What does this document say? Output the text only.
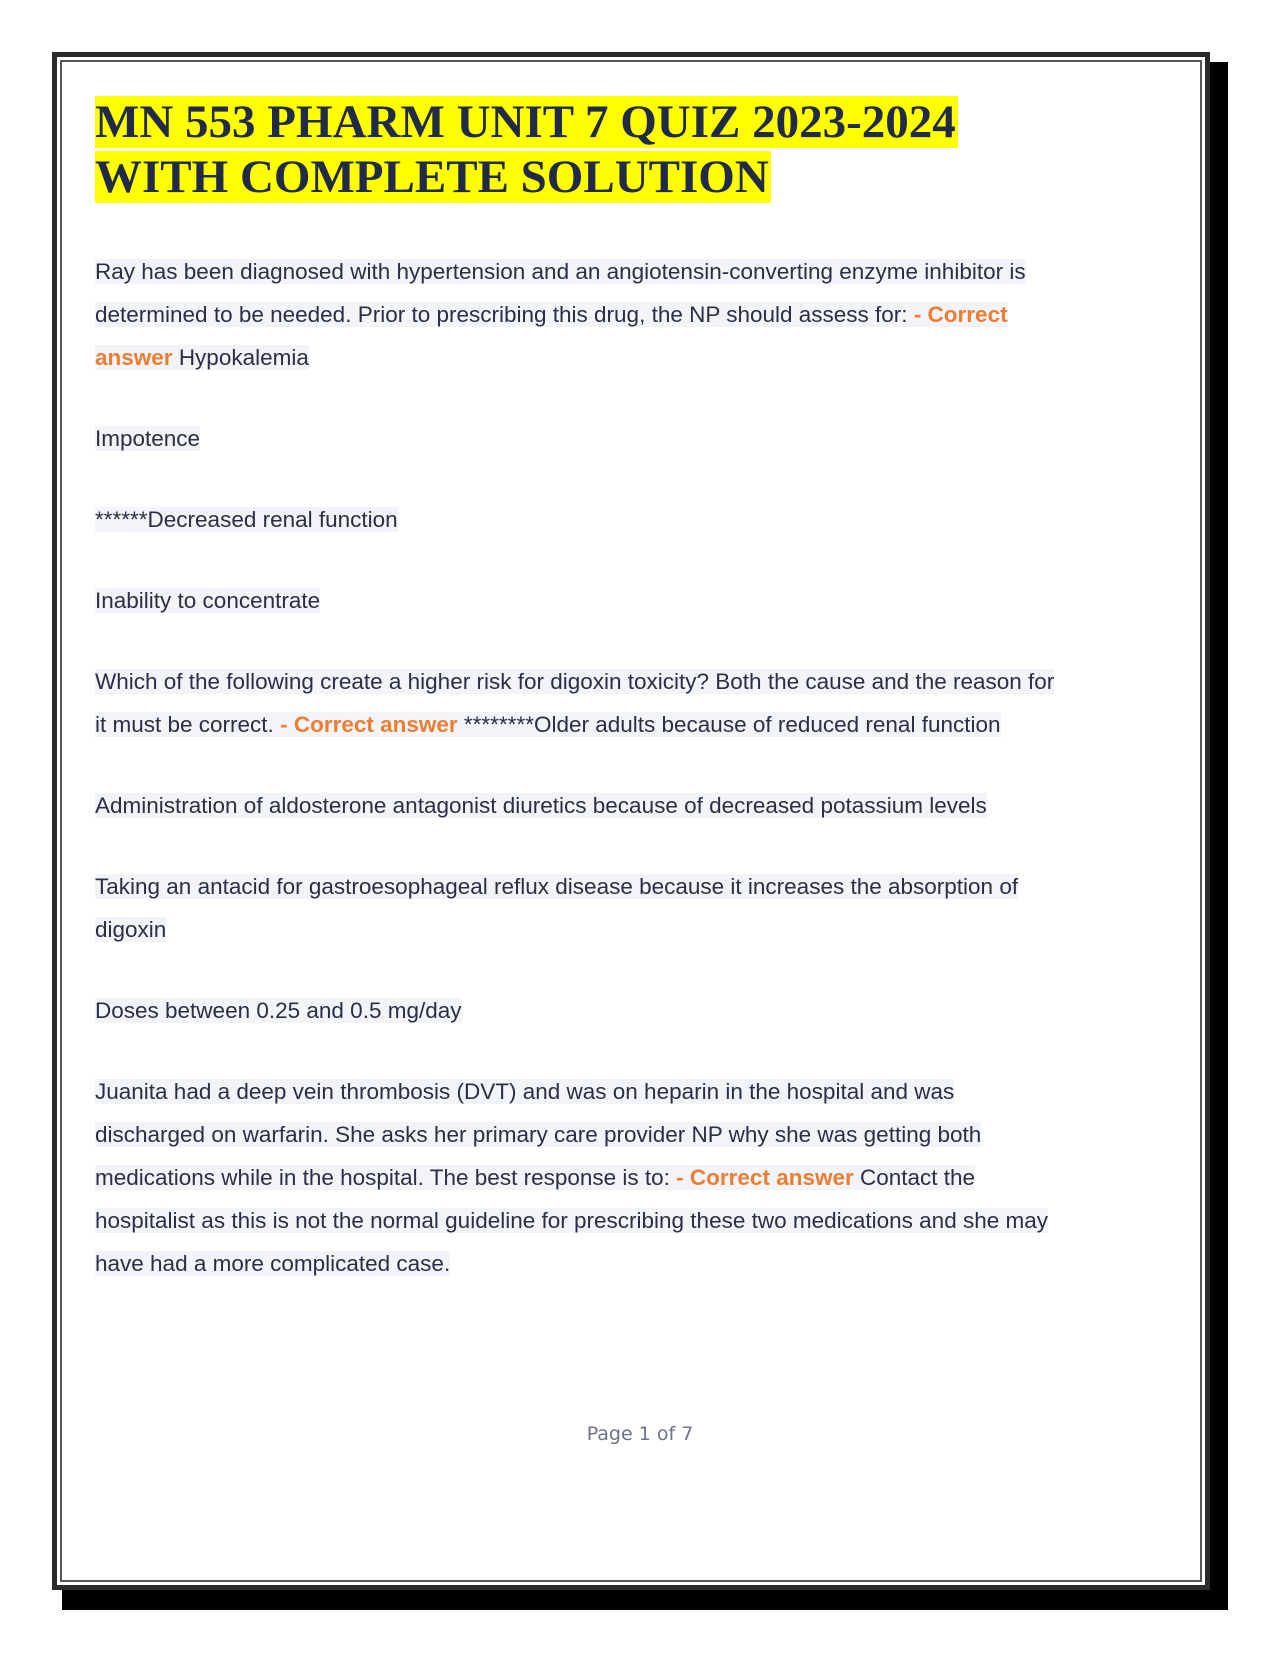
MN 553 PHARM UNIT 7 QUIZ 2023-2024
WITH COMPLETE SOLUTION

Ray has been diagnosed with hypertension and an angiotensin-converting enzyme inhibitor is determined to be needed. Prior to prescribing this drug, the NP should assess for: - Correct answer Hypokalemia

Impotence

******Decreased renal function

Inability to concentrate

Which of the following create a higher risk for digoxin toxicity? Both the cause and the reason for it must be correct. - Correct answer ********Older adults because of reduced renal function

Administration of aldosterone antagonist diuretics because of decreased potassium levels

Taking an antacid for gastroesophageal reflux disease because it increases the absorption of digoxin

Doses between 0.25 and 0.5 mg/day

Juanita had a deep vein thrombosis (DVT) and was on heparin in the hospital and was discharged on warfarin. She asks her primary care provider NP why she was getting both medications while in the hospital. The best response is to: - Correct answer Contact the hospitalist as this is not the normal guideline for prescribing these two medications and she may have had a more complicated case.

Page 1 of 7
